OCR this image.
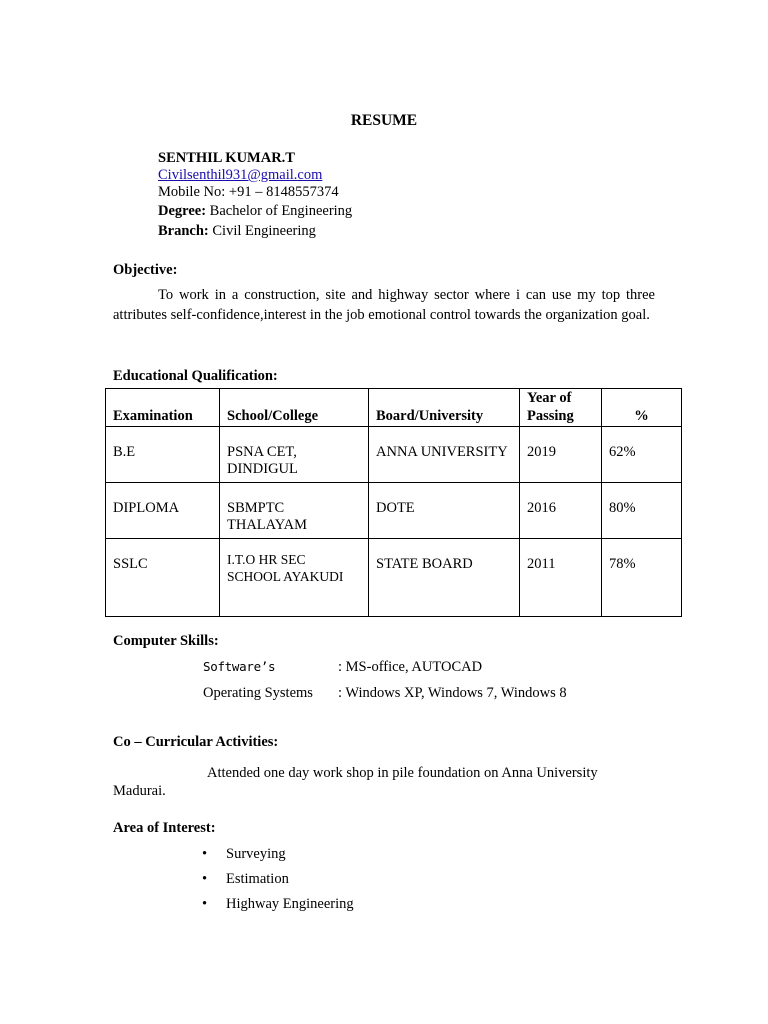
RESUME
SENTHIL KUMAR.T
Civilsenthil931@gmail.com
Mobile No: +91 – 8148557374
Degree: Bachelor of Engineering
Branch: Civil Engineering
Objective:
To work in a construction, site and highway sector where i can use my top three attributes self-confidence,interest in the job emotional control towards the organization goal.
Educational Qualification:
Examination	School/College	Board/University	Year of Passing	%
B.E	PSNA CET, DINDIGUL	ANNA UNIVERSITY	2019	62%
DIPLOMA	SBMPTC THALAYAM	DOTE	2016	80%
SSLC	I.T.O HR SEC SCHOOL AYAKUDI	STATE BOARD	2011	78%
Computer Skills:
Software’s	: MS-office, AUTOCAD
Operating Systems : Windows XP, Windows 7, Windows 8
Co – Curricular Activities:
Attended one day work shop in pile foundation on Anna University
Madurai.
Area of Interest:
• Surveying
• Estimation
• Highway Engineering
